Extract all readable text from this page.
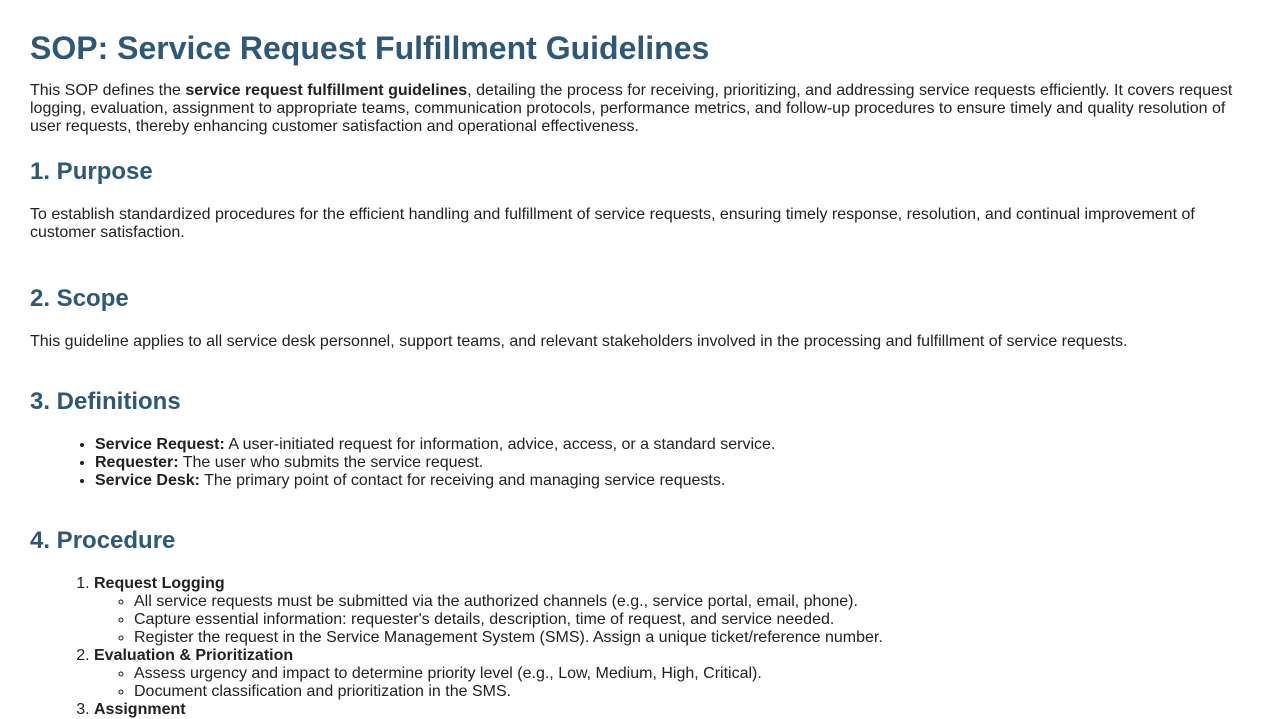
SOP: Service Request Fulfillment Guidelines

This SOP defines the service request fulfillment guidelines, detailing the process for receiving, prioritizing, and addressing service requests efficiently. It covers request logging, evaluation, assignment to appropriate teams, communication protocols, performance metrics, and follow-up procedures to ensure timely and quality resolution of user requests, thereby enhancing customer satisfaction and operational effectiveness.

1. Purpose

To establish standardized procedures for the efficient handling and fulfillment of service requests, ensuring timely response, resolution, and continual improvement of customer satisfaction.

2. Scope

This guideline applies to all service desk personnel, support teams, and relevant stakeholders involved in the processing and fulfillment of service requests.

3. Definitions
• Service Request: A user-initiated request for information, advice, access, or a standard service.
• Requester: The user who submits the service request.
• Service Desk: The primary point of contact for receiving and managing service requests.
4. Procedure
1. Request Logging
◦ All service requests must be submitted via the authorized channels (e.g., service portal, email, phone).
◦ Capture essential information: requester's details, description, time of request, and service needed.
◦ Register the request in the Service Management System (SMS). Assign a unique ticket/reference number.
2. Evaluation & Prioritization
◦ Assess urgency and impact to determine priority level (e.g., Low, Medium, High, Critical).
◦ Document classification and prioritization in the SMS.
3. Assignment
